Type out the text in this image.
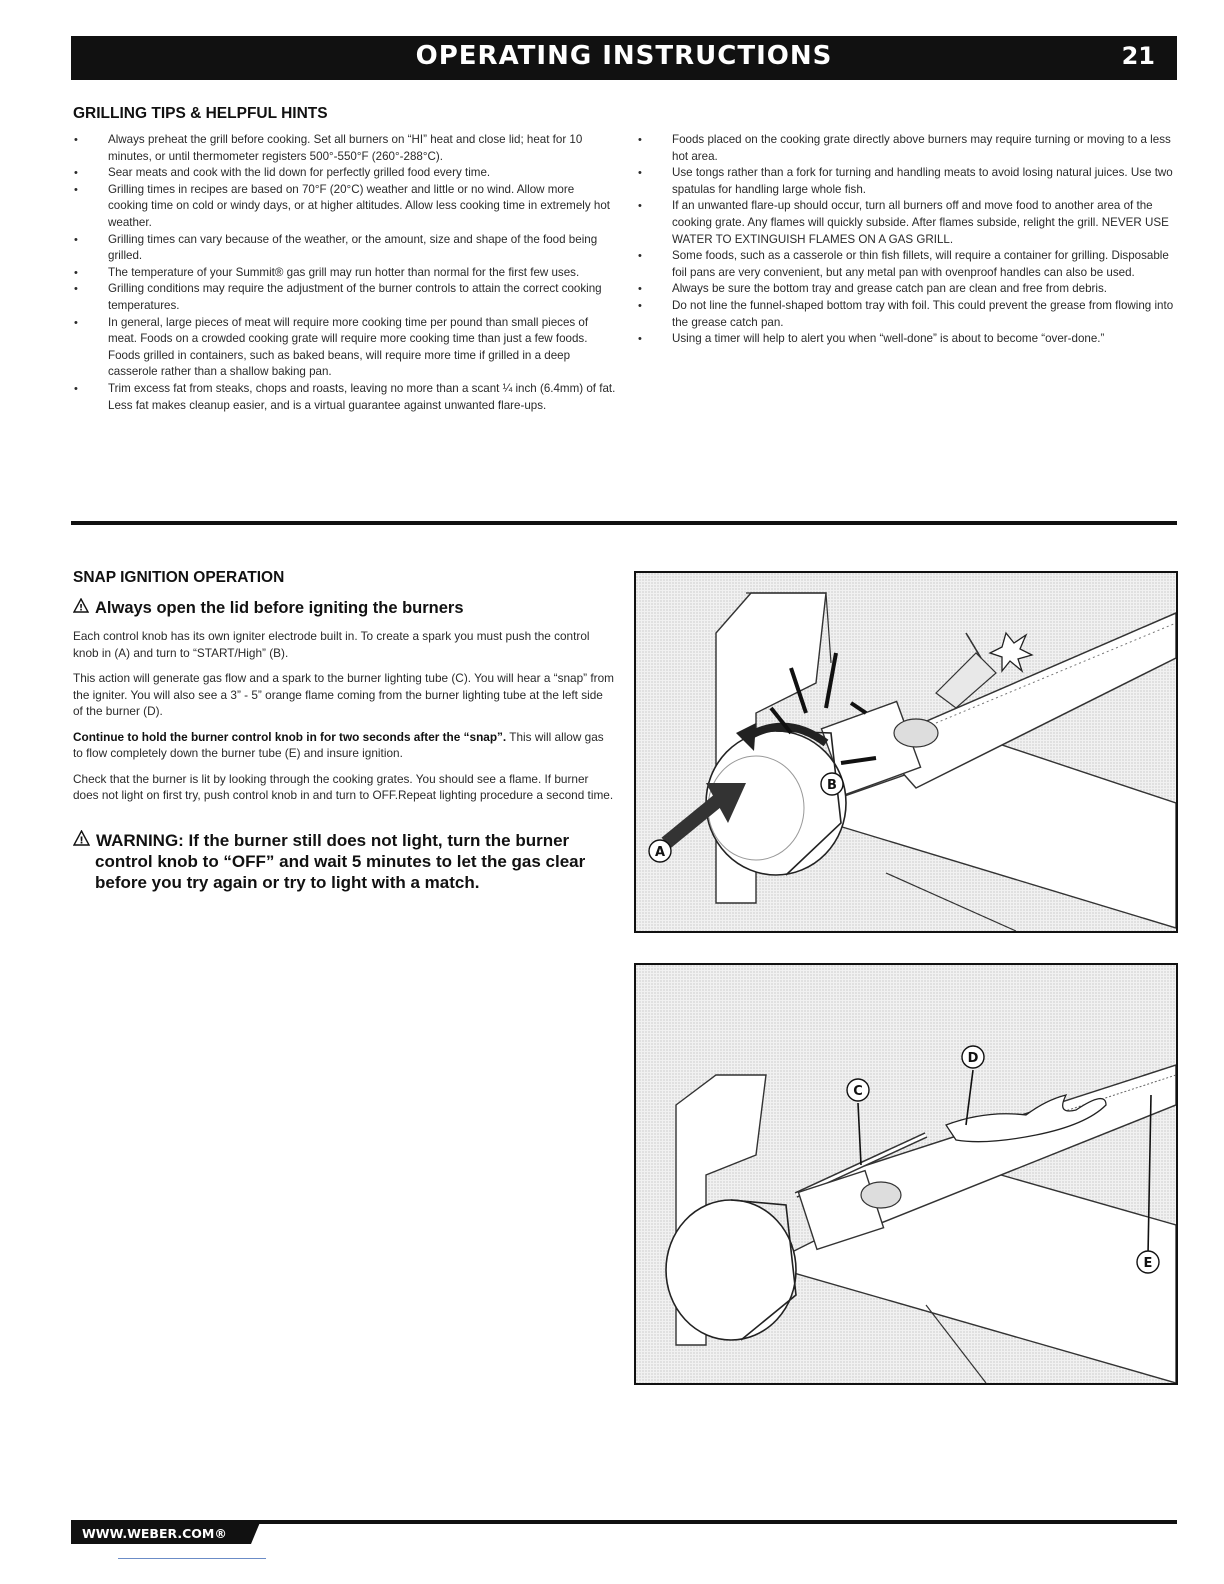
OPERATING INSTRUCTIONS	21
GRILLING TIPS & HELPFUL HINTS
•	Always preheat the grill before cooking. Set all burners on “HI” heat and close lid; heat for 10 minutes, or until thermometer registers 500°-550°F (260°-288°C).
•	Sear meats and cook with the lid down for perfectly grilled food every time.
•	Grilling times in recipes are based on 70°F (20°C) weather and little or no wind. Allow more cooking time on cold or windy days, or at higher altitudes. Allow less cooking time in extremely hot weather.
•	Grilling times can vary because of the weather, or the amount, size and shape of the food being grilled.
•	The temperature of your Summit® gas grill may run hotter than normal for the first few uses.
•	Grilling conditions may require the adjustment of the burner controls to attain the correct cooking temperatures.
•	In general, large pieces of meat will require more cooking time per pound than small pieces of meat. Foods on a crowded cooking grate will require more cooking time than just a few foods. Foods grilled in containers, such as baked beans, will require more time if grilled in a deep casserole rather than a shallow baking pan.
•	Trim excess fat from steaks, chops and roasts, leaving no more than a scant ¼ inch (6.4mm) of fat. Less fat makes cleanup easier, and is a virtual guarantee against unwanted flare-ups.
•	Foods placed on the cooking grate directly above burners may require turning or moving to a less hot area.
•	Use tongs rather than a fork for turning and handling meats to avoid losing natural juices. Use two spatulas for handling large whole fish.
•	If an unwanted flare-up should occur, turn all burners off and move food to another area of the cooking grate. Any flames will quickly subside. After flames subside, relight the grill. NEVER USE WATER TO EXTINGUISH FLAMES ON A GAS GRILL.
•	Some foods, such as a casserole or thin fish fillets, will require a container for grilling. Disposable foil pans are very convenient, but any metal pan with ovenproof handles can also be used.
•	Always be sure the bottom tray and grease catch pan are clean and free from debris.
•	Do not line the funnel-shaped bottom tray with foil. This could prevent the grease from flowing into the grease catch pan.
•	Using a timer will help to alert you when “well-done” is about to become “over-done.”
SNAP IGNITION OPERATION
! Always open the lid before igniting the burners

Each control knob has its own igniter electrode built in. To create a spark you must push the control knob in (A) and turn to “START/High” (B).

This action will generate gas flow and a spark to the burner lighting tube (C). You will hear a “snap” from the igniter. You will also see a 3” - 5” orange flame coming from the burner lighting tube at the left side of the burner (D).

Continue to hold the burner control knob in for two seconds after the “snap”. This will allow gas to flow completely down the burner tube (E) and insure ignition.

Check that the burner is lit by looking through the cooking grates. You should see a flame. If burner does not light on first try, push control knob in and turn to OFF.Repeat lighting procedure a second time.

! WARNING: If the burner still does not light, turn the burner
control knob to “OFF” and wait 5 minutes to let the gas clear
before you try again or try to light with a match.
B
A
C
D
E
WWW.WEBER.COM®
